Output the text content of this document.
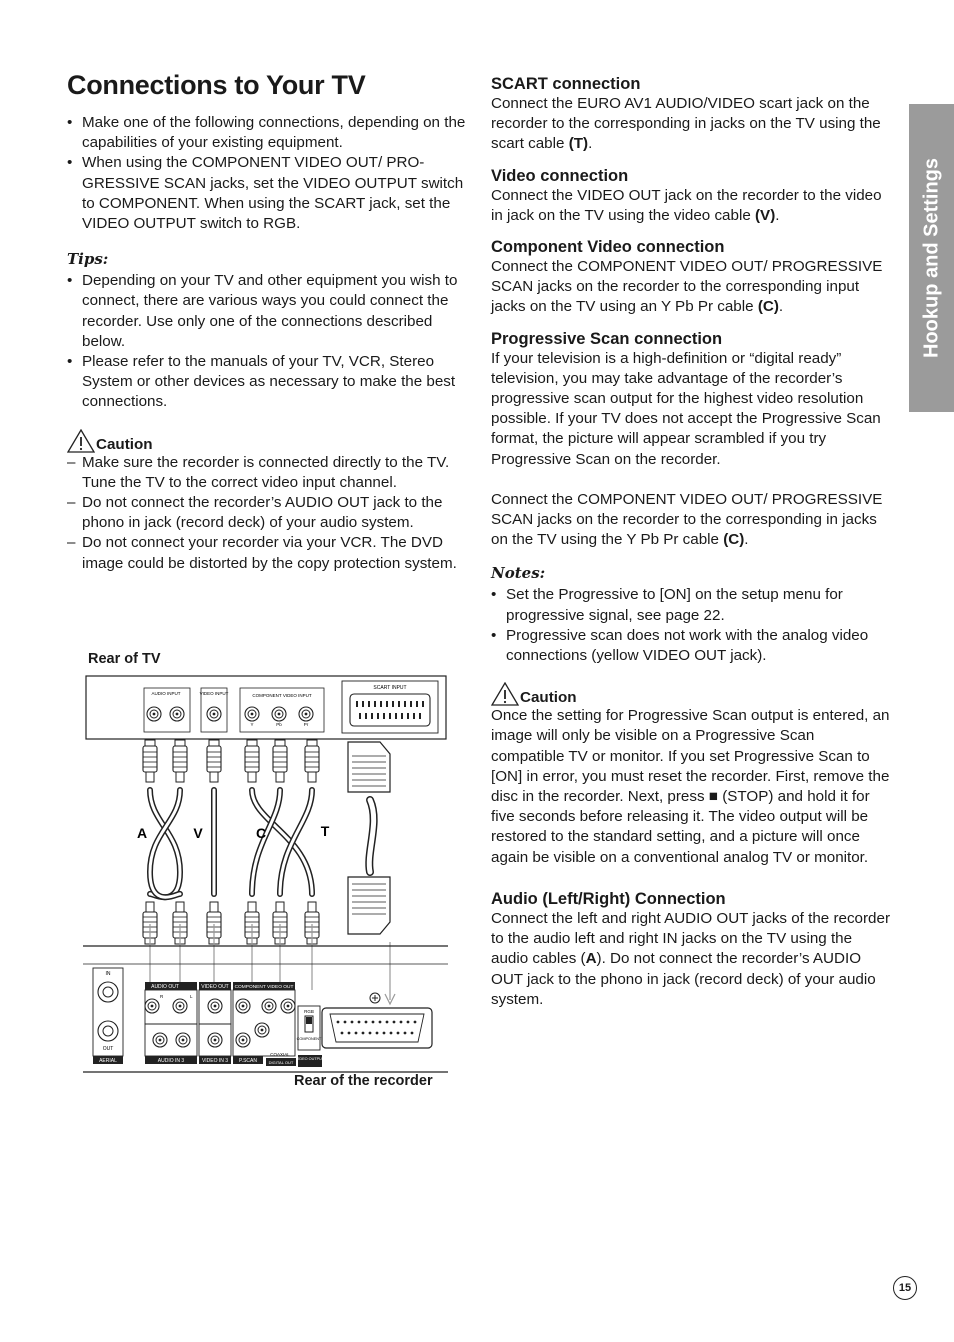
Connections to Your TV
• Make one of the following connections, depending on the capabilities of your existing equipment.
• When using the COMPONENT VIDEO OUT/ PRO-GRESSIVE SCAN jacks, set the VIDEO OUTPUT switch to COMPONENT. When using the SCART jack, set the VIDEO OUTPUT switch to RGB.
Tips:
• Depending on your TV and other equipment you wish to connect, there are various ways you could connect the recorder. Use only one of the connections described below.
• Please refer to the manuals of your TV, VCR, Stereo System or other devices as necessary to make the best connections.
Caution
– Make sure the recorder is connected directly to the TV. Tune the TV to the correct video input channel.
– Do not connect the recorder’s AUDIO OUT jack to the phono in jack (record deck) of your audio system.
– Do not connect your recorder via your VCR. The DVD image could be distorted by the copy protection system.
Rear of TV
Rear of the recorder
AUDIO INPUT	VIDEO INPUT	COMPONENT VIDEO INPUT
Y	Pb	Pr
SCART INPUT
A	V	C	T
IN
OUT
AERIAL
AUDIO OUT
R	L
AUDIO IN 3
VIDEO OUT
VIDEO IN 3
COMPONENT VIDEO OUT
P.SCAN
COAXIAL
DIGITAL OUT
RGB
COMPONENT
VIDEO OUTPUT
SCART connection

Connect the EURO AV1 AUDIO/VIDEO scart jack on the recorder to the corresponding in jacks on the TV using the scart cable (T).

Video connection

Connect the VIDEO OUT jack on the recorder to the video in jack on the TV using the video cable (V).

Component Video connection

Connect the COMPONENT VIDEO OUT/ PROGRESSIVE SCAN jacks on the recorder to the corresponding input jacks on the TV using an Y Pb Pr cable (C).

Progressive Scan connection

If your television is a high-definition or “digital ready” television, you may take advantage of the recorder’s progressive scan output for the highest video resolution possible. If your TV does not accept the Progressive Scan format, the picture will appear scrambled if you try Progressive Scan on the recorder.

Connect the COMPONENT VIDEO OUT/ PROGRESSIVE SCAN jacks on the recorder to the corresponding in jacks on the TV using the Y Pb Pr cable (C).

Notes:
• Set the Progressive to [ON] on the setup menu for progressive signal, see page 22.
• Progressive scan does not work with the analog video connections (yellow VIDEO OUT jack).
Caution

Once the setting for Progressive Scan output is entered, an image will only be visible on a Progressive Scan compatible TV or monitor. If you set Progressive Scan to [ON] in error, you must reset the recorder. First, remove the disc in the recorder. Next, press ■ (STOP) and hold it for five seconds before releasing it. The video output will be restored to the standard setting, and a picture will once again be visible on a conventional analog TV or monitor.

Audio (Left/Right) Connection

Connect the left and right AUDIO OUT jacks of the recorder to the audio left and right IN jacks on the TV using the audio cables (A). Do not connect the recorder’s AUDIO OUT jack to the phono in jack (record deck) of your audio system.

Hookup and Settings
15
